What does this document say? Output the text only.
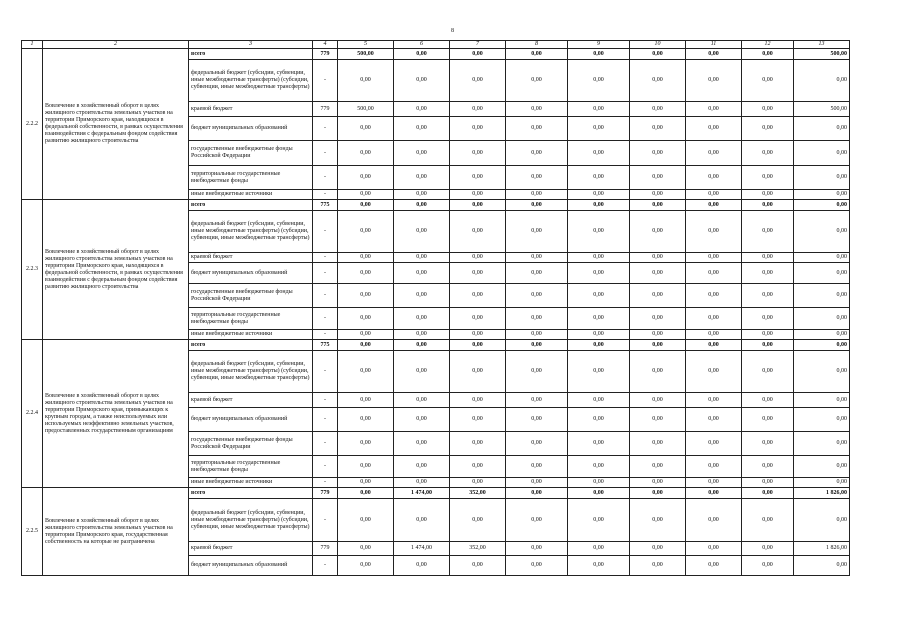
8
1	2	3	4	5	6	7	8	9	10	11	12	13
2.2.2	Вовлечение в хозяйственный оборот в целях жилищного строительства земельных участков на территории Приморского края, находящихся в федеральной собственности, в рамках осуществления взаимодействия с федеральным фондом содействия развитию жилищного строительства	всего	779	500,00	0,00	0,00	0,00	0,00	0,00	0,00	0,00	500,00
		федеральный бюджет (субсидии, субвенции, иные межбюджетные трансферты) (субсидии, субвенции, иные межбюджетные трансферты)	-	0,00	0,00	0,00	0,00	0,00	0,00	0,00	0,00	0,00
		краевой бюджет	779	500,00	0,00	0,00	0,00	0,00	0,00	0,00	0,00	500,00
		бюджет муниципальных образований	-	0,00	0,00	0,00	0,00	0,00	0,00	0,00	0,00	0,00
		государственные внебюджетные фонды Российской Федерации	-	0,00	0,00	0,00	0,00	0,00	0,00	0,00	0,00	0,00
		территориальные государственные внебюджетные фонды	-	0,00	0,00	0,00	0,00	0,00	0,00	0,00	0,00	0,00
		иные внебюджетные источники	-	0,00	0,00	0,00	0,00	0,00	0,00	0,00	0,00	0,00
2.2.3	Вовлечение в хозяйственный оборот в целях жилищного строительства земельных участков на территории Приморского края, находящихся в федеральной собственности, в рамках осуществления взаимодействия с федеральным фондом содействия развитию жилищного строительства	всего	775	0,00	0,00	0,00	0,00	0,00	0,00	0,00	0,00	0,00
		федеральный бюджет (субсидии, субвенции, иные межбюджетные трансферты) (субсидии, субвенции, иные межбюджетные трансферты)	-	0,00	0,00	0,00	0,00	0,00	0,00	0,00	0,00	0,00
		краевой бюджет	-	0,00	0,00	0,00	0,00	0,00	0,00	0,00	0,00	0,00
		бюджет муниципальных образований	-	0,00	0,00	0,00	0,00	0,00	0,00	0,00	0,00	0,00
		государственные внебюджетные фонды Российской Федерации	-	0,00	0,00	0,00	0,00	0,00	0,00	0,00	0,00	0,00
		территориальные государственные внебюджетные фонды	-	0,00	0,00	0,00	0,00	0,00	0,00	0,00	0,00	0,00
		иные внебюджетные источники	-	0,00	0,00	0,00	0,00	0,00	0,00	0,00	0,00	0,00
2.2.4	Вовлечение в хозяйственный оборот в целях жилищного строительства земельных участков на территории Приморского края, примыкающих к крупным городам, а также неиспользуемых или используемых неэффективно земельных участков, предоставленных государственным организациям	всего	775	0,00	0,00	0,00	0,00	0,00	0,00	0,00	0,00	0,00
		федеральный бюджет (субсидии, субвенции, иные межбюджетные трансферты) (субсидии, субвенции, иные межбюджетные трансферты)	-	0,00	0,00	0,00	0,00	0,00	0,00	0,00	0,00	0,00
		краевой бюджет	-	0,00	0,00	0,00	0,00	0,00	0,00	0,00	0,00	0,00
		бюджет муниципальных образований	-	0,00	0,00	0,00	0,00	0,00	0,00	0,00	0,00	0,00
		государственные внебюджетные фонды Российской Федерации	-	0,00	0,00	0,00	0,00	0,00	0,00	0,00	0,00	0,00
		территориальные государственные внебюджетные фонды	-	0,00	0,00	0,00	0,00	0,00	0,00	0,00	0,00	0,00
		иные внебюджетные источники	-	0,00	0,00	0,00	0,00	0,00	0,00	0,00	0,00	0,00
2.2.5	Вовлечение в хозяйственный оборот в целях жилищного строительства земельных участков на территории Приморского края, государственная собственность на которые не разграничена	всего	779	0,00	1 474,00	352,00	0,00	0,00	0,00	0,00	0,00	1 826,00
		федеральный бюджет (субсидии, субвенции, иные межбюджетные трансферты) (субсидии, субвенции, иные межбюджетные трансферты)	-	0,00	0,00	0,00	0,00	0,00	0,00	0,00	0,00	0,00
		краевой бюджет	779	0,00	1 474,00	352,00	0,00	0,00	0,00	0,00	0,00	1 826,00
		бюджет муниципальных образований	-	0,00	0,00	0,00	0,00	0,00	0,00	0,00	0,00	0,00
